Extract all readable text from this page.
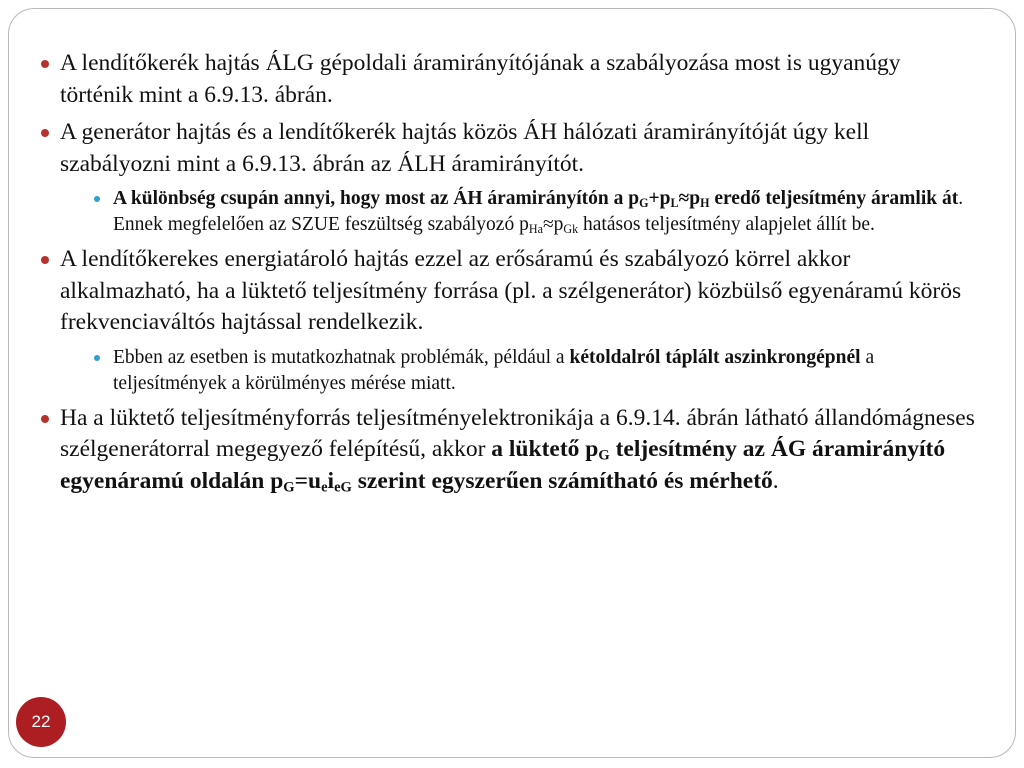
A lendítőkerék hajtás ÁLG gépoldali áramirányítójának a szabályozása most is ugyanúgy történik mint a 6.9.13. ábrán.
A generátor hajtás és a lendítőkerék hajtás közös ÁH hálózati áramirányítóját úgy kell szabályozni mint a 6.9.13. ábrán az ÁLH áramirányítót.
A különbség csupán annyi, hogy most az ÁH áramirányítón a $p_G+p_L\approx p_H$ eredő teljesítmény áramlik át. Ennek megfelelően az SZUE feszültség szabályozó $p_{Ha}\approx p_{Gk}$ hatásos teljesítmény alapjelet állít be.
A lendítőkerekes energiatároló hajtás ezzel az erősáramú és szabályozó körrel akkor alkalmazható, ha a lüktető teljesítmény forrása (pl. a szélgenerátor) közbülső egyenáramú körös frekvenciaváltós hajtással rendelkezik.
Ebben az esetben is mutatkozhatnak problémák, például a kétoldalról táplált aszinkrongépnél a teljesítmények a körülményes mérése miatt.
Ha a lüktető teljesítményforrás teljesítményelektronikája a 6.9.14. ábrán látható állandómágneses szélgenerátorral megegyező felépítésű, akkor a lüktető $p_G$ teljesítmény az ÁG áramirányító egyenáramú oldalán $p_G=u_ei_{eG}$ szerint egyszerűen számítható és mérhető.
22
